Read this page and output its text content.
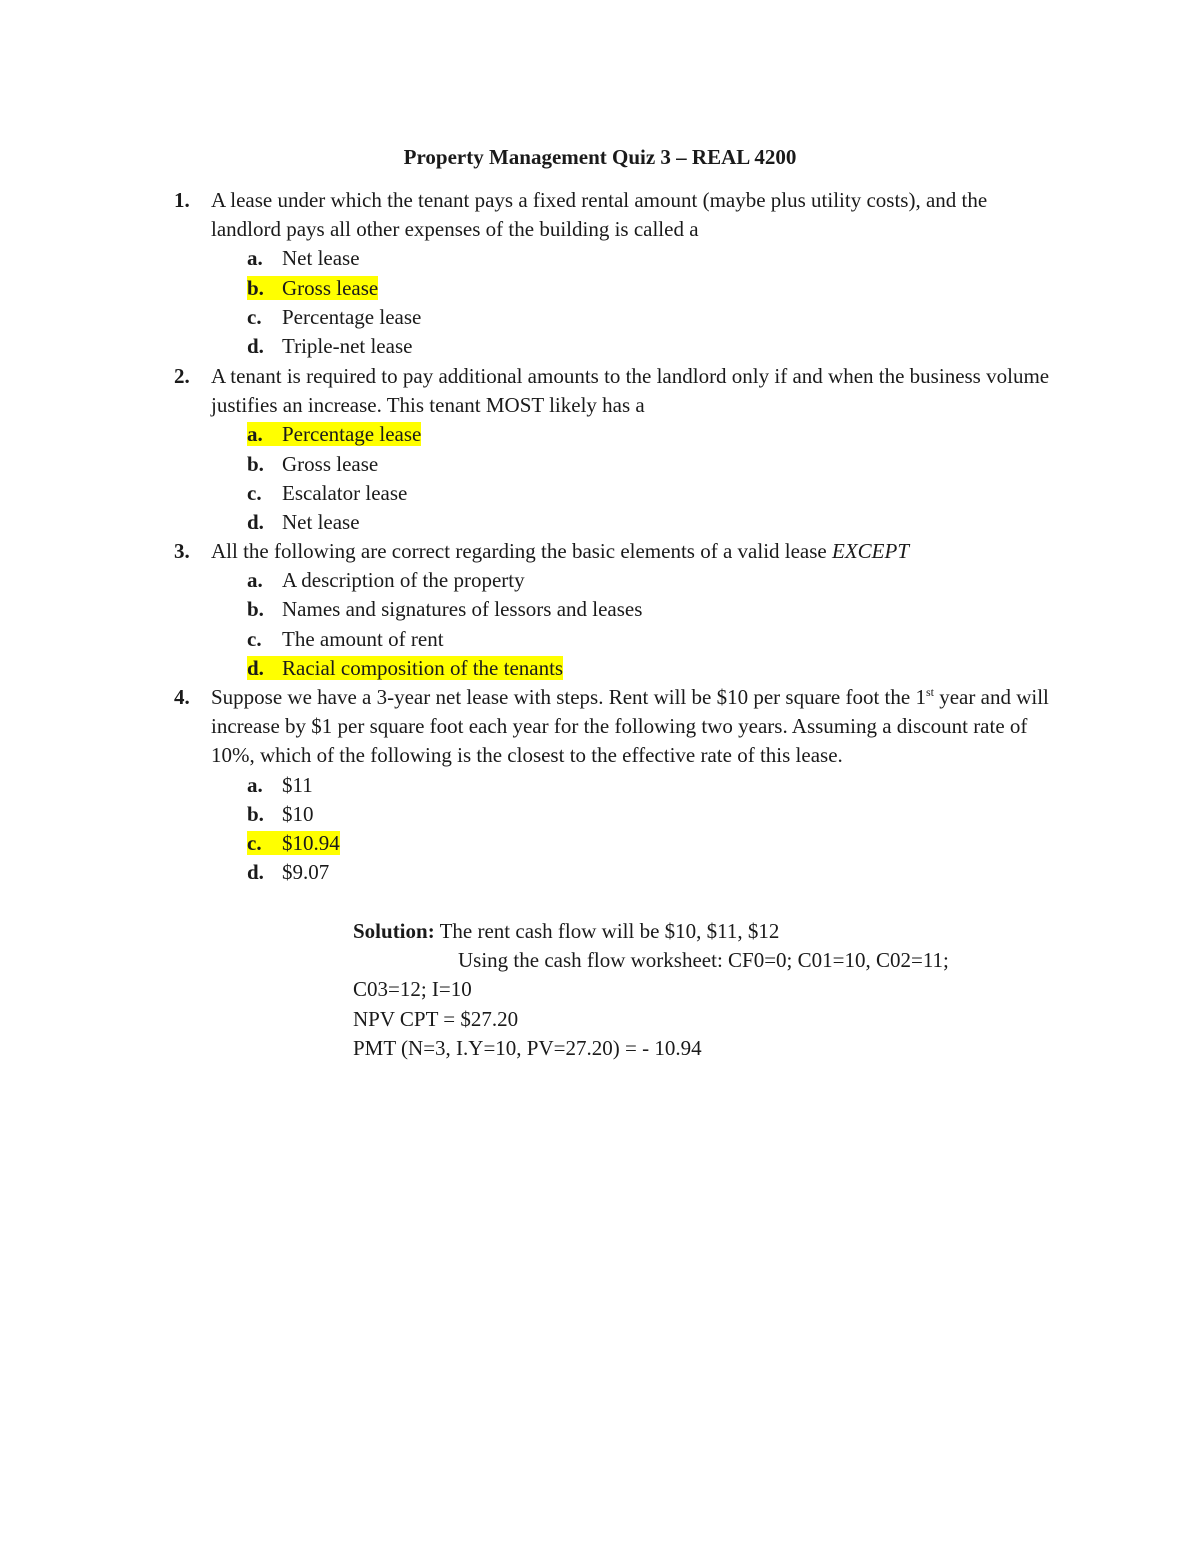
Property Management Quiz 3 – REAL 4200
1. A lease under which the tenant pays a fixed rental amount (maybe plus utility costs), and the landlord pays all other expenses of the building is called a
a. Net lease
b. Gross lease
c. Percentage lease
d. Triple-net lease
2. A tenant is required to pay additional amounts to the landlord only if and when the business volume justifies an increase. This tenant MOST likely has a
a. Percentage lease
b. Gross lease
c. Escalator lease
d. Net lease
3. All the following are correct regarding the basic elements of a valid lease EXCEPT
a. A description of the property
b. Names and signatures of lessors and leases
c. The amount of rent
d. Racial composition of the tenants
4. Suppose we have a 3-year net lease with steps. Rent will be $10 per square foot the 1st year and will increase by $1 per square foot each year for the following two years. Assuming a discount rate of 10%, which of the following is the closest to the effective rate of this lease.
a. $11
b. $10
c. $10.94
d. $9.07
Solution: The rent cash flow will be $10, $11, $12
Using the cash flow worksheet: CF0=0; C01=10, C02=11;
C03=12; I=10
NPV CPT = $27.20
PMT (N=3, I.Y=10, PV=27.20) = - 10.94
